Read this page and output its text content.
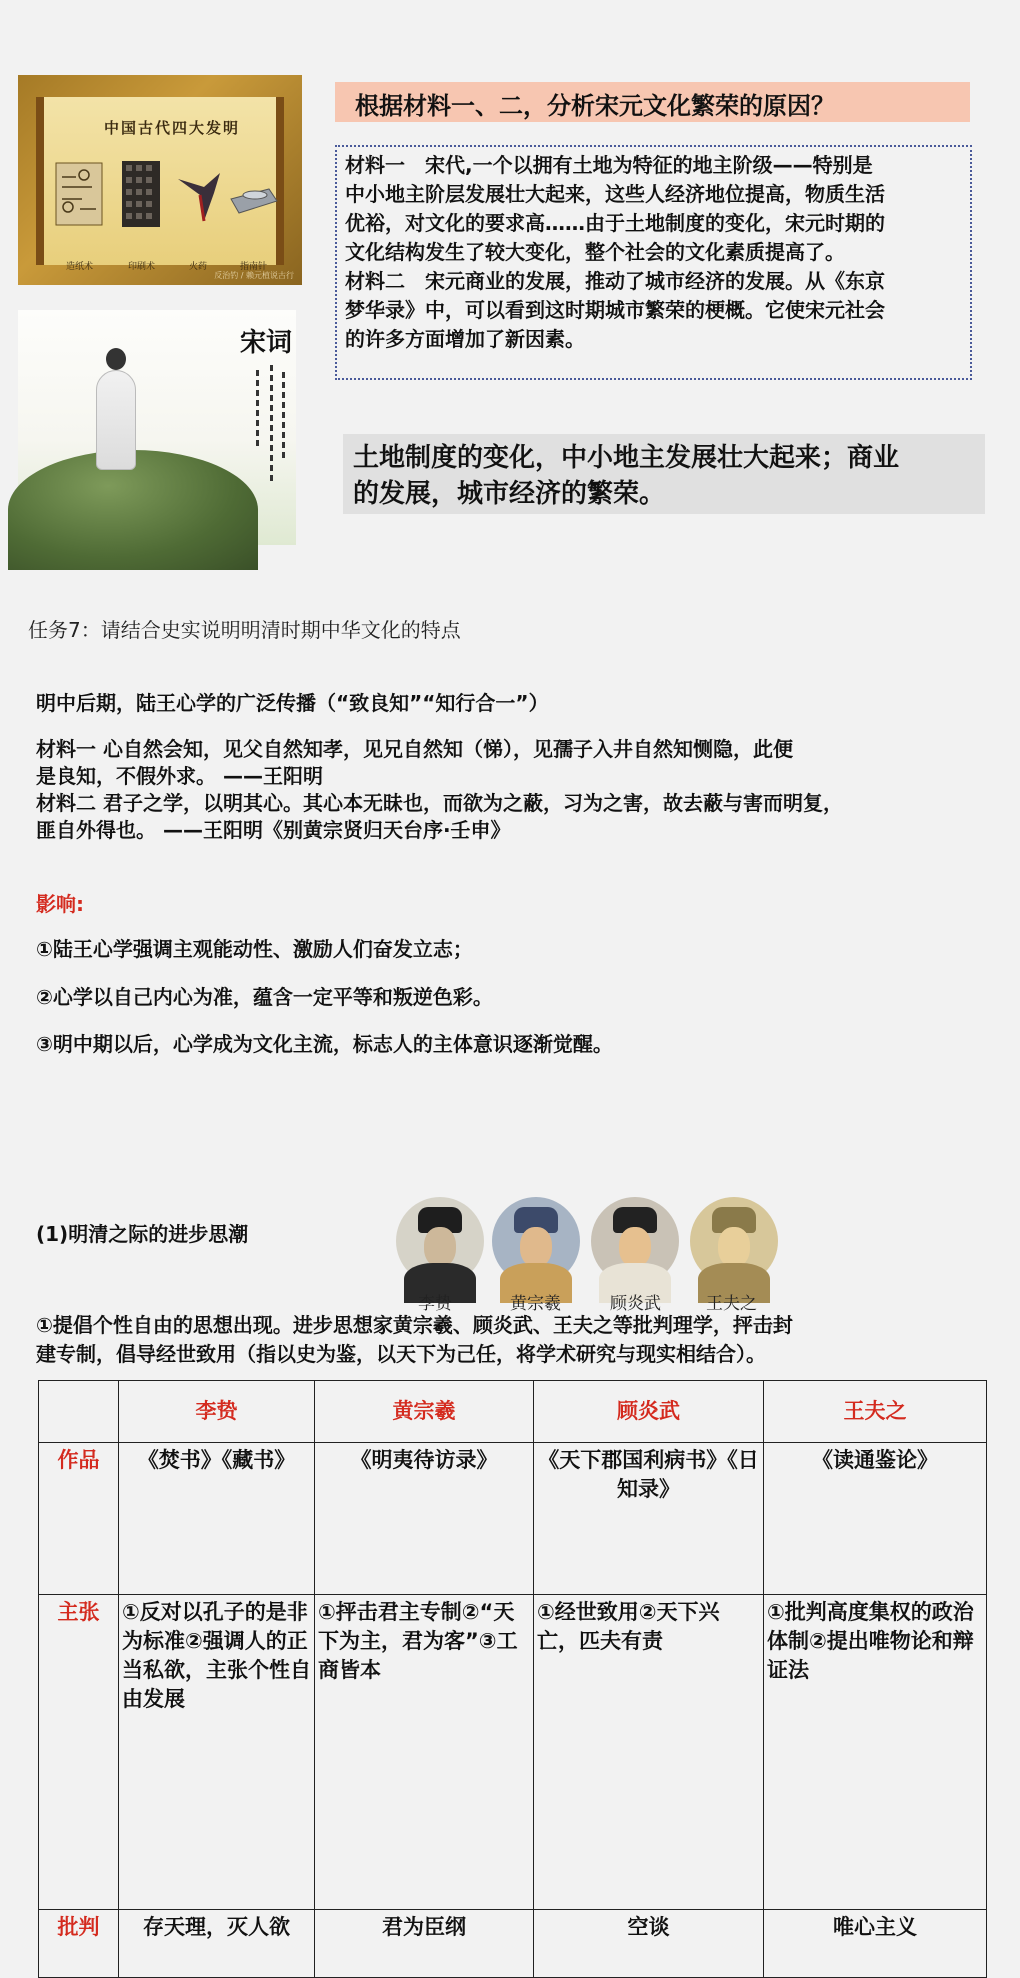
中国古代四大发明
造纸术	印刷术	火药	指南针
反治钓 / 赖元植说古行
宋词
根据材料一、二，分析宋元文化繁荣的原因？
材料一　宋代,一个以拥有土地为特征的地主阶级——特别是
中小地主阶层发展壮大起来，这些人经济地位提高，物质生活
优裕，对文化的要求高……由于土地制度的变化，宋元时期的
文化结构发生了较大变化，整个社会的文化素质提高了。
材料二　宋元商业的发展，推动了城市经济的发展。从《东京
梦华录》中，可以看到这时期城市繁荣的梗概。它使宋元社会
的许多方面增加了新因素。
土地制度的变化，中小地主发展壮大起来；商业
的发展，城市经济的繁荣。
任务7：请结合史实说明明清时期中华文化的特点
明中后期，陆王心学的广泛传播（“致良知”“知行合一”）
材料一 心自然会知，见父自然知孝，见兄自然知（悌），见孺子入井自然知恻隐，此便
是良知，不假外求。 ——王阳明
材料二 君子之学，以明其心。其心本无昧也，而欲为之蔽，习为之害，故去蔽与害而明复，
匪自外得也。 ——王阳明《别黄宗贤归天台序·壬申》
影响:
①陆王心学强调主观能动性、激励人们奋发立志；
②心学以自己内心为准，蕴含一定平等和叛逆色彩。
③明中期以后，心学成为文化主流，标志人的主体意识逐渐觉醒。
(1)明清之际的进步思潮
李贽	黄宗羲	顾炎武	王夫之
①提倡个性自由的思想出现。进步思想家黄宗羲、顾炎武、王夫之等批判理学，抨击封
建专制，倡导经世致用（指以史为鉴，以天下为己任，将学术研究与现实相结合）。
	李贽	黄宗羲	顾炎武	王夫之
作品	《焚书》《藏书》	《明夷待访录》	《天下郡国利病书》《日知录》	《读通鉴论》
主张	①反对以孔子的是非为标准②强调人的正当私欲，主张个性自由发展	①抨击君主专制②“天下为主，君为客”③工商皆本	①经世致用②天下兴亡，匹夫有责	①批判高度集权的政治体制②提出唯物论和辩证法
批判	存天理，灭人欲	君为臣纲	空谈	唯心主义
